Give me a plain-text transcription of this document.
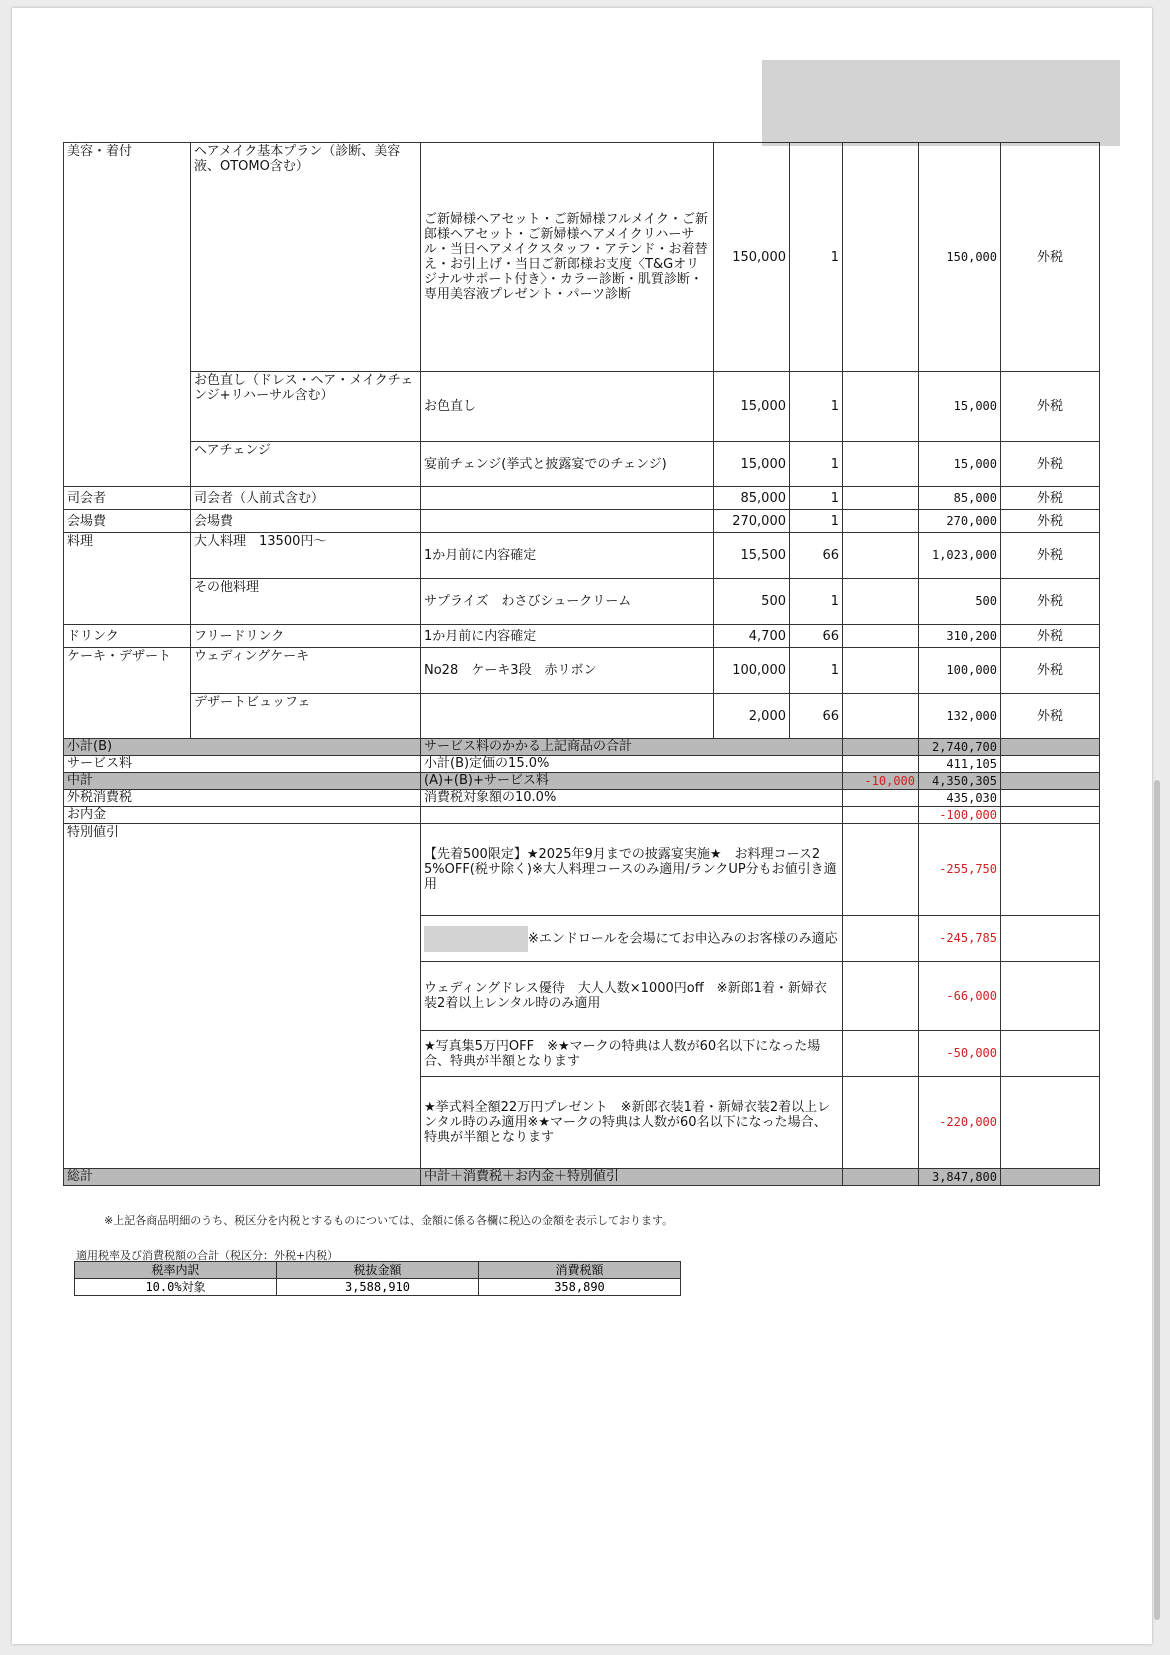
美容・着付	ヘアメイク基本プラン（診断、美容液、OTOMO含む）	ご新婦様ヘアセット・ご新婦様フルメイク・ご新郎様ヘアセット・ご新婦様ヘアメイクリハーサル・当日ヘアメイクスタッフ・アテンド・お着替え・お引上げ・当日ご新郎様お支度〈T&Gオリジナルサポート付き〉・カラー診断・肌質診断・専用美容液プレゼント・パーツ診断	150,000	1		150,000	外税
	お色直し（ドレス・ヘア・メイクチェンジ+リハーサル含む）	お色直し	15,000	1		15,000	外税
	ヘアチェンジ	宴前チェンジ(挙式と披露宴でのチェンジ)	15,000	1		15,000	外税
司会者	司会者（人前式含む）		85,000	1		85,000	外税
会場費	会場費		270,000	1		270,000	外税
料理	大人料理　13500円〜	1か月前に内容確定	15,500	66		1,023,000	外税
	その他料理	サプライズ　わさびシュークリーム	500	1		500	外税
ドリンク	フリードリンク	1か月前に内容確定	4,700	66		310,200	外税
ケーキ・デザート	ウェディングケーキ	No28　ケーキ3段　赤リボン	100,000	1		100,000	外税
	デザートビュッフェ		2,000	66		132,000	外税
小計(B)		サービス料のかかる上記商品の合計				2,740,700	
サービス料		小計(B)定価の15.0%				411,105	
中計		(A)+(B)+サービス料			-10,000	4,350,305	
外税消費税		消費税対象額の10.0%				435,030	
お内金						-100,000	
特別値引		【先着500限定】★2025年9月までの披露宴実施★　お料理コース25%OFF(税サ除く)※大人料理コースのみ適用/ランクUP分もお値引き適用				-255,750	
		※エンドロールを会場にてお申込みのお客様のみ適応				-245,785	
		ウェディングドレス優待　大人人数×1000円off　※新郎1着・新婦衣装2着以上レンタル時のみ適用				-66,000	
		★写真集5万円OFF　※★マークの特典は人数が60名以下になった場合、特典が半額となります				-50,000	
		★挙式料全額22万円プレゼント　※新郎衣装1着・新婦衣装2着以上レンタル時のみ適用※★マークの特典は人数が60名以下になった場合、特典が半額となります				-220,000	
総計		中計＋消費税＋お内金＋特別値引				3,847,800	
※上記各商品明細のうち、税区分を内税とするものについては、金額に係る各欄に税込の金額を表示しております。
適用税率及び消費税額の合計（税区分：外税+内税）
税率内訳	税抜金額	消費税額
10.0%対象	3,588,910	358,890
